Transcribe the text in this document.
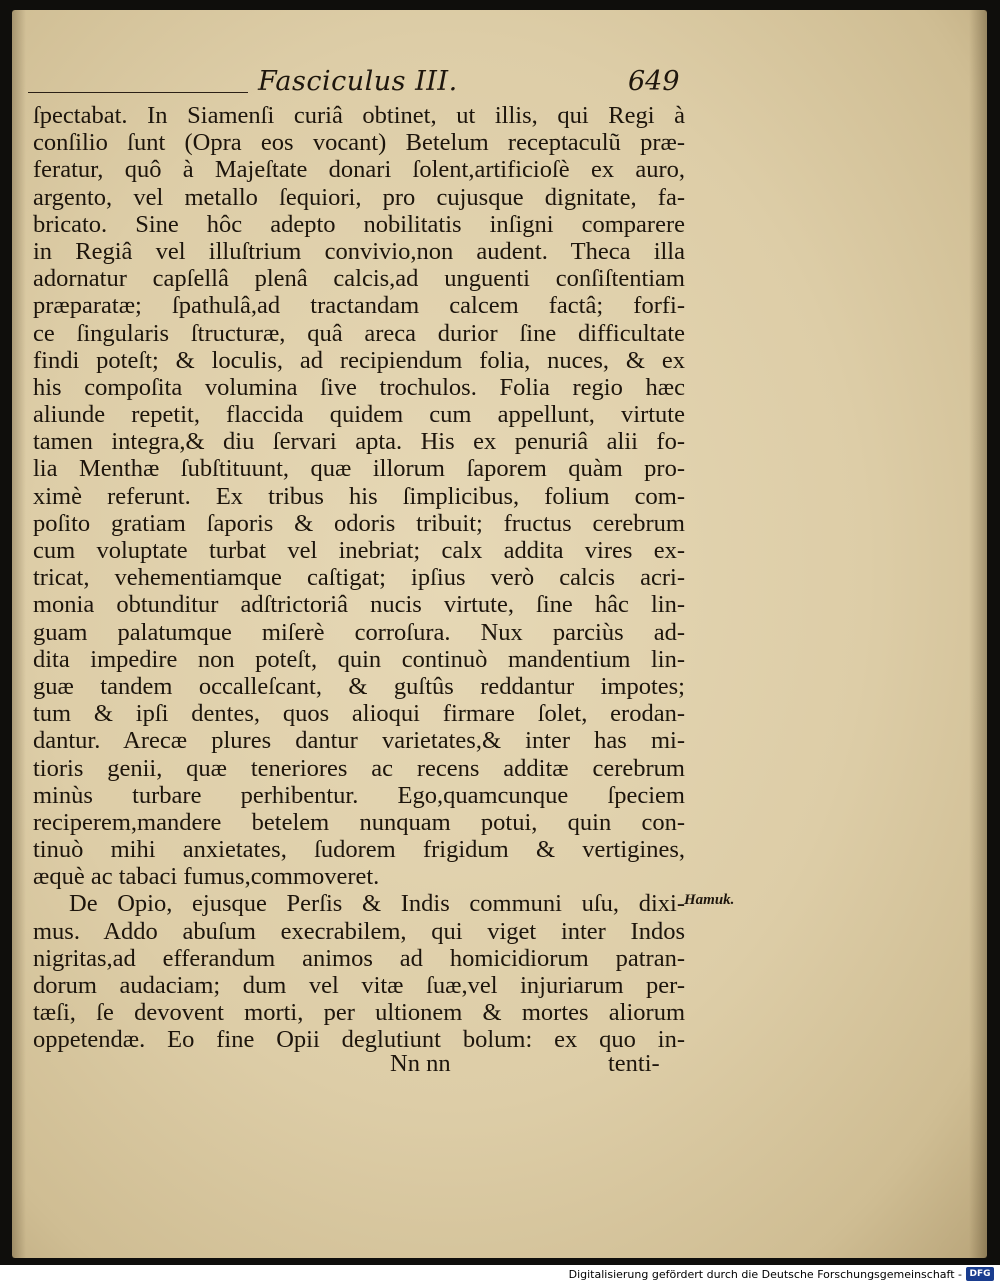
Fasciculus III.	649
ſpectabat. In Siamenſi curiâ obtinet, ut illis, qui Regi à
conſilio ſunt (Opra eos vocant) Betelum receptaculũ præ-
feratur, quô à Majeſtate donari ſolent,artificioſè ex auro,
argento, vel metallo ſequiori, pro cujusque dignitate, fa-
bricato. Sine hôc adepto nobilitatis inſigni comparere
in Regiâ vel illuſtrium convivio,non audent. Theca illa
adornatur capſellâ plenâ calcis,ad unguenti conſiſtentiam
præparatæ; ſpathulâ,ad tractandam calcem factâ; forfi-
ce ſingularis ſtructuræ, quâ areca durior ſine difficultate
findi poteſt; & loculis, ad recipiendum folia, nuces, & ex
his compoſita volumina ſive trochulos. Folia regio hæc
aliunde repetit, flaccida quidem cum appellunt, virtute
tamen integra,& diu ſervari apta. His ex penuriâ alii fo-
lia Menthæ ſubſtituunt, quæ illorum ſaporem quàm pro-
ximè referunt. Ex tribus his ſimplicibus, folium com-
poſito gratiam ſaporis & odoris tribuit; fructus cerebrum
cum voluptate turbat vel inebriat; calx addita vires ex-
tricat, vehementiamque caſtigat; ipſius verò calcis acri-
monia obtunditur adſtrictoriâ nucis virtute, ſine hâc lin-
guam palatumque miſerè corroſura. Nux parciùs ad-
dita impedire non poteſt, quin continuò mandentium lin-
guæ tandem occalleſcant, & guſtûs reddantur impotes;
tum & ipſi dentes, quos alioqui firmare ſolet, erodan-
dantur. Arecæ plures dantur varietates,& inter has mi-
tioris genii, quæ teneriores ac recens additæ cerebrum
minùs turbare perhibentur. Ego,quamcunque ſpeciem
reciperem,mandere betelem nunquam potui, quin con-
tinuò mihi anxietates, ſudorem frigidum & vertigines,
æquè ac tabaci fumus,commoveret.
De Opio, ejusque Perſis & Indis communi uſu, dixi-
mus. Addo abuſum execrabilem, qui viget inter Indos
nigritas,ad efferandum animos ad homicidiorum patran-
dorum audaciam; dum vel vitæ ſuæ,vel injuriarum per-
tæſi, ſe devovent morti, per ultionem & mortes aliorum
oppetendæ. Eo fine Opii deglutiunt bolum: ex quo in-
Hamuk.
Nn nn	tenti-
Digitalisierung gefördert durch die Deutsche Forschungsgemeinschaft - DFG
